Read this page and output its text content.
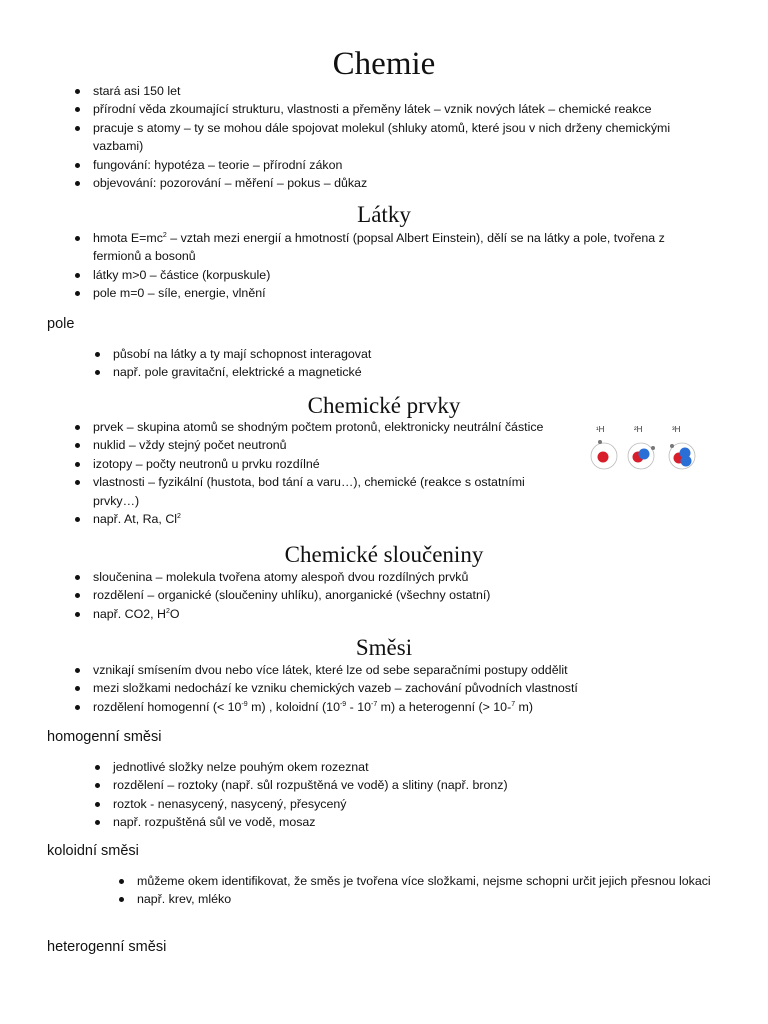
Chemie
stará asi 150 let
přírodní věda zkoumající strukturu, vlastnosti a přeměny látek – vznik nových látek – chemické reakce
pracuje s atomy – ty se mohou dále spojovat molekul (shluky atomů, které jsou v nich drženy chemickými vazbami)
fungování: hypotéza – teorie – přírodní zákon
objevování: pozorování – měření – pokus – důkaz
Látky
hmota $E=mc^2$ – vztah mezi energií a hmotností (popsal Albert Einstein), dělí se na látky a pole, tvořena z fermionů a bosonů
látky m>0 – částice (korpuskule)
pole m=0 – síle, energie, vlnění
pole
působí na látky a ty mají schopnost interagovat
např. pole gravitační, elektrické a magnetické
Chemické prvky
prvek – skupina atomů se shodným počtem protonů, elektronicky neutrální částice
nuklid – vždy stejný počet neutronů
izotopy – počty neutronů u prvku rozdílné
vlastnosti – fyzikální (hustota, bod tání a varu…), chemické (reakce s ostatními prvky…)
např. At, Ra, Cl$^2$
¹H	²H	³H
Chemické sloučeniny
sloučenina – molekula tvořena atomy alespoň dvou rozdílných prvků
rozdělení – organické (sloučeniny uhlíku), anorganické (všechny ostatní)
např. CO2, $H^2O$
Směsi
vznikají smísením dvou nebo více látek, které lze od sebe separačními postupy oddělit
mezi složkami nedochází ke vzniku chemických vazeb – zachování původních vlastností
rozdělení homogenní (< $10^{-9}$ m) , koloidní ($10^{-9} - 10^{-7}$ m) a heterogenní (> 10-$^7$ m)
homogenní směsi
jednotlivé složky nelze pouhým okem rozeznat
rozdělení – roztoky (např. sůl rozpuštěná ve vodě) a slitiny (např. bronz)
roztok - nenasycený, nasycený, přesycený
např. rozpuštěná sůl ve vodě, mosaz
koloidní směsi
můžeme okem identifikovat, že směs je tvořena více složkami, nejsme schopni určit jejich přesnou lokaci
např. krev, mléko
heterogenní směsi
